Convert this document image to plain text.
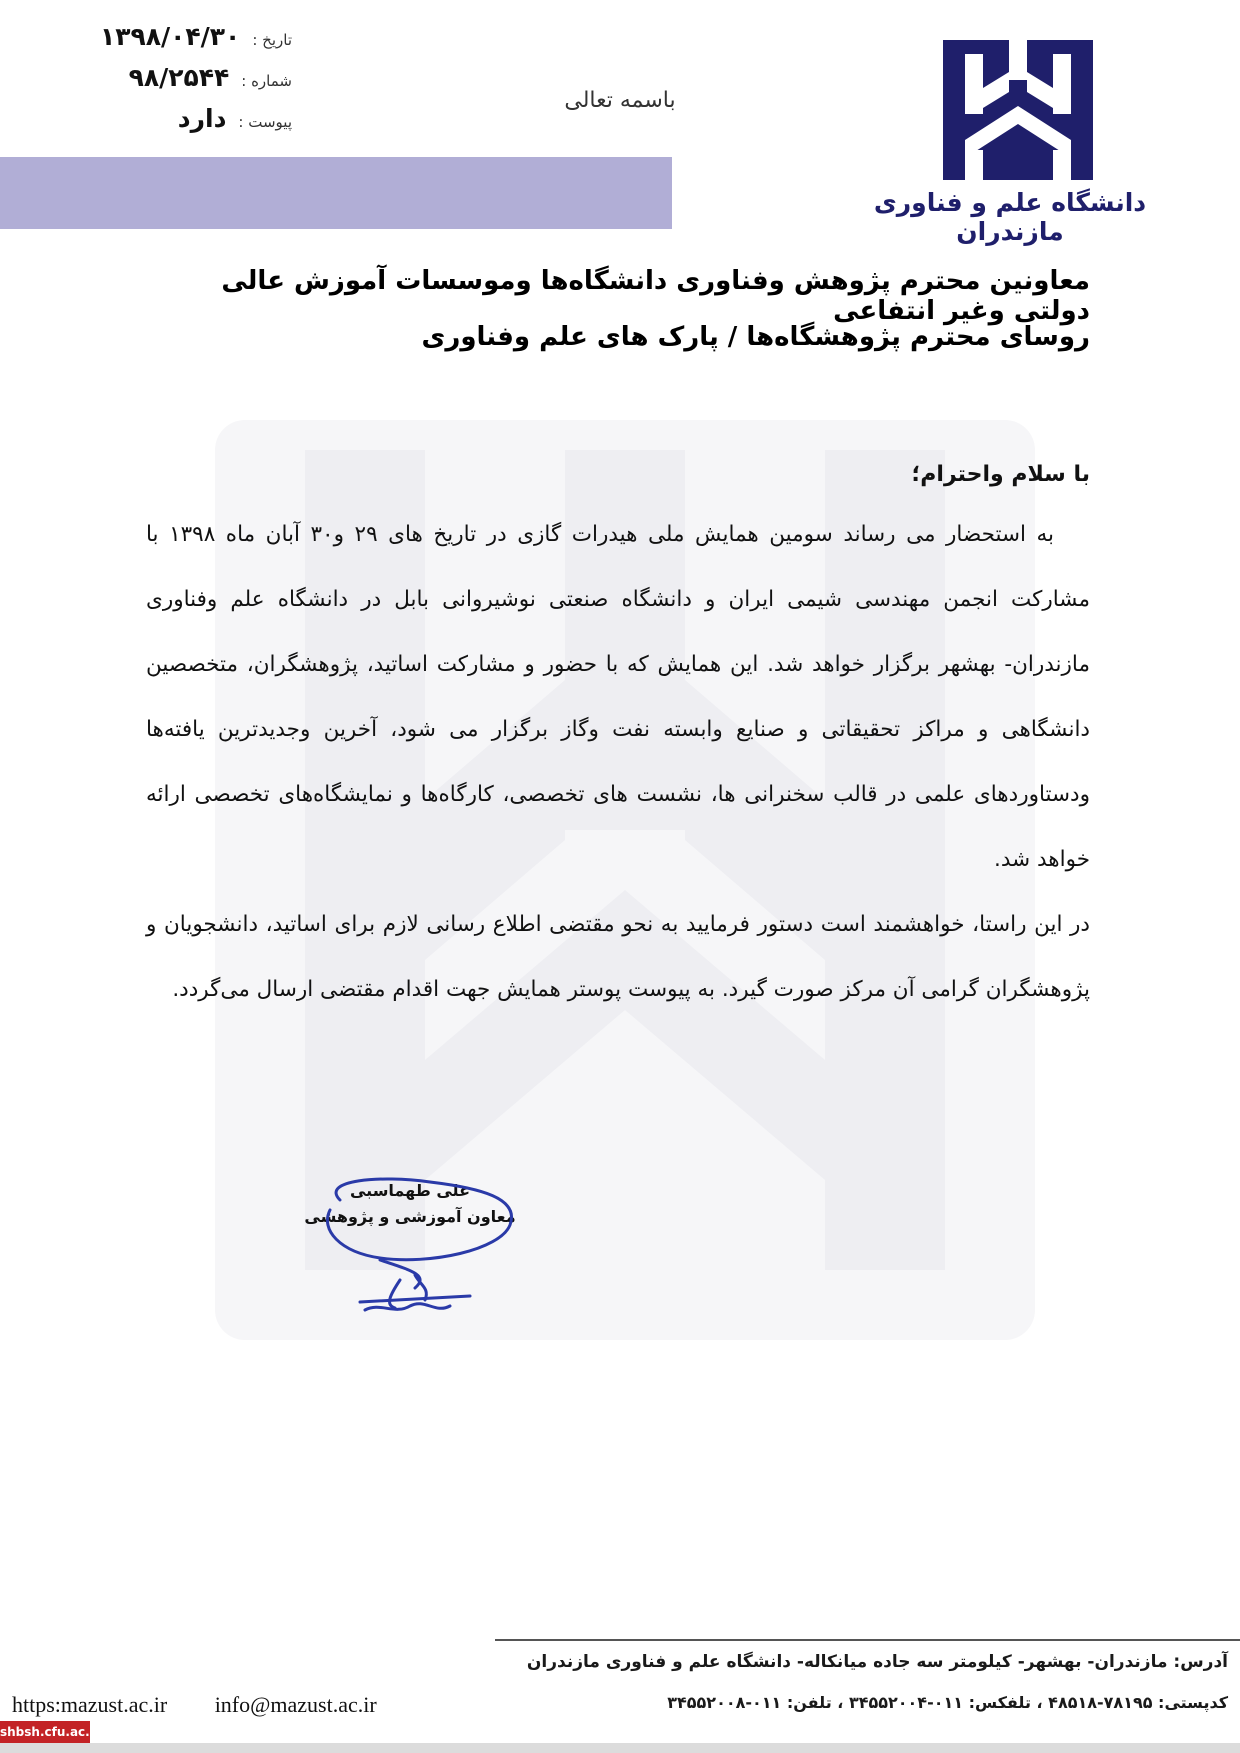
تاریخ :
۱۳۹۸/۰۴/۳۰
شماره :
۹۸/۲۵۴۴
پیوست :
دارد
باسمه تعالی
دانشگاه علم و فناوری مازندران
معاونین محترم پژوهش وفناوری دانشگاه‌ها وموسسات آموزش عالی دولتی وغیر انتفاعی
روسای محترم پژوهشگاه‌ها / پارک های علم وفناوری
با سلام واحترام؛

به استحضار می رساند سومین همایش ملی هیدرات گازی در تاریخ های ۲۹ و۳۰ آبان ماه ۱۳۹۸ با مشارکت انجمن مهندسی شیمی ایران و دانشگاه صنعتی نوشیروانی بابل در دانشگاه علم وفناوری مازندران- بهشهر برگزار خواهد شد. این همایش که با حضور و مشارکت اساتید، پژوهشگران، متخصصین دانشگاهی و مراکز تحقیقاتی و صنایع وابسته نفت وگاز برگزار می شود، آخرین وجدیدترین یافته‌ها ودستاوردهای علمی در قالب سخنرانی ها، نشست های تخصصی، کارگاه‌ها و نمایشگاه‌های تخصصی ارائه خواهد شد.

در این راستا، خواهشمند است دستور فرمایید به نحو مقتضی اطلاع رسانی لازم برای اساتید، دانشجویان و پژوهشگران گرامی آن مرکز صورت گیرد. به پیوست پوستر همایش جهت اقدام مقتضی ارسال می‌گردد.

علی طهماسبی
معاون آموزشی و پژوهشی
آدرس: مازندران- بهشهر- کیلومتر سه جاده میانکاله- دانشگاه علم و فناوری مازندران
کدپستی: ۷۸۱۹۵-۴۸۵۱۸ ، تلفکس: ۰۱۱-۳۴۵۵۲۰۰۴ ، تلفن: ۰۱۱-۳۴۵۵۲۰۰۸
https:mazust.ac.ir info@mazust.ac.ir
shbsh.cfu.ac.ir
